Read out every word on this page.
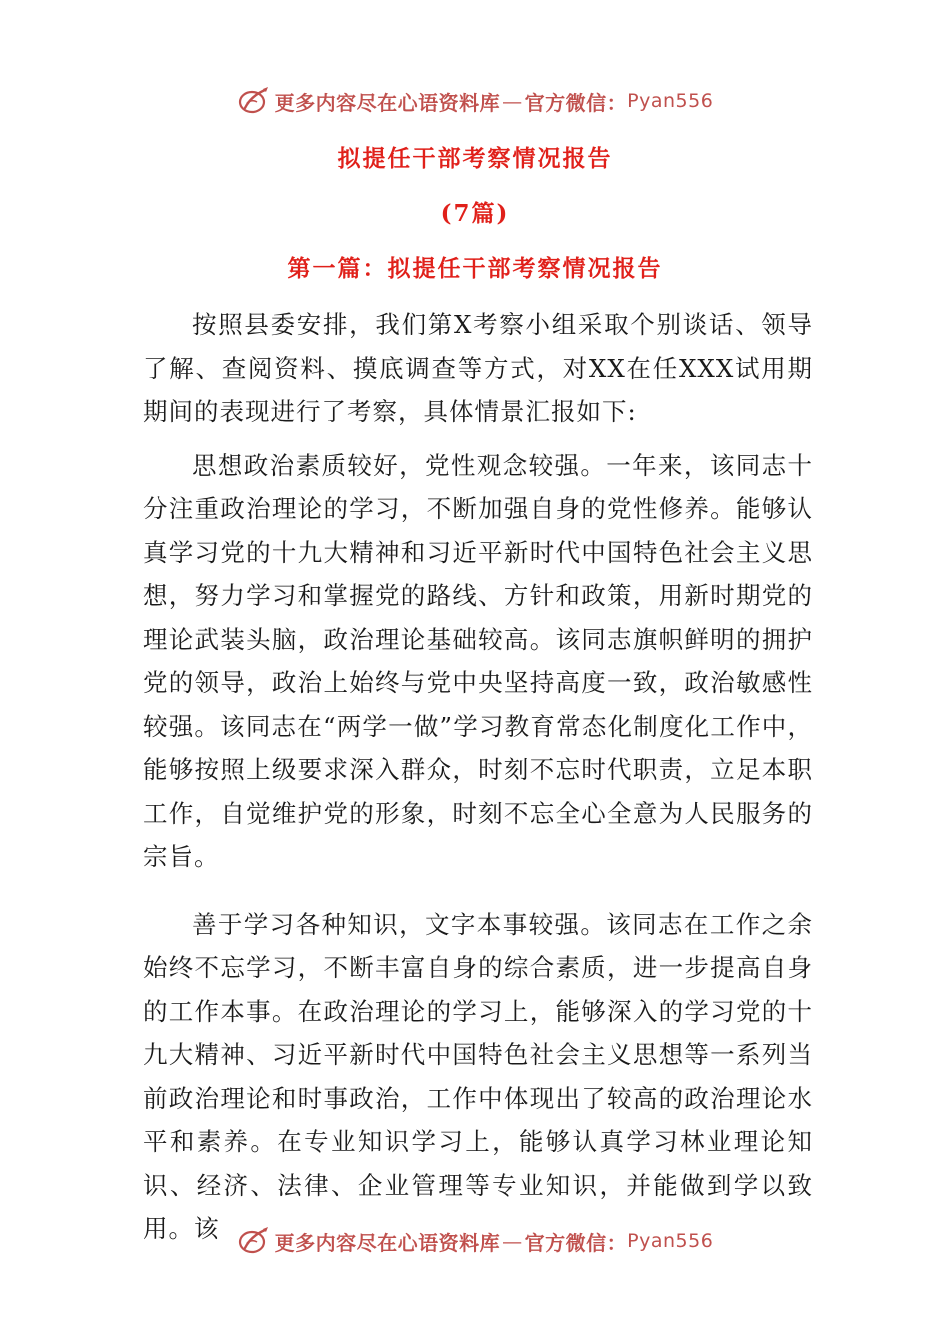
更多内容尽在心语资料库 — 官方微信： Pyan556
拟提任干部考察情况报告
(7篇)
第一篇：拟提任干部考察情况报告

按照县委安排，我们第X考察小组采取个别谈话、领导了解、查阅资料、摸底调查等方式，对XX在任XXX试用期期间的表现进行了考察，具体情景汇报如下:

思想政治素质较好，党性观念较强。一年来，该同志十分注重政治理论的学习，不断加强自身的党性修养。能够认真学习党的十九大精神和习近平新时代中国特色社会主义思想，努力学习和掌握党的路线、方针和政策，用新时期党的理论武装头脑，政治理论基础较高。该同志旗帜鲜明的拥护党的领导，政治上始终与党中央坚持高度一致，政治敏感性较强。该同志在“两学一做”学习教育常态化制度化工作中，能够按照上级要求深入群众，时刻不忘时代职责，立足本职工作，自觉维护党的形象，时刻不忘全心全意为人民服务的宗旨。

善于学习各种知识，文字本事较强。该同志在工作之余始终不忘学习，不断丰富自身的综合素质，进一步提高自身的工作本事。在政治理论的学习上，能够深入的学习党的十九大精神、习近平新时代中国特色社会主义思想等一系列当前政治理论和时事政治，工作中体现出了较高的政治理论水平和素养。在专业知识学习上，能够认真学习林业理论知识、经济、法律、企业管理等专业知识，并能做到学以致用。该	更多内容尽在心语资料库 — 官方微信： Pyan556
